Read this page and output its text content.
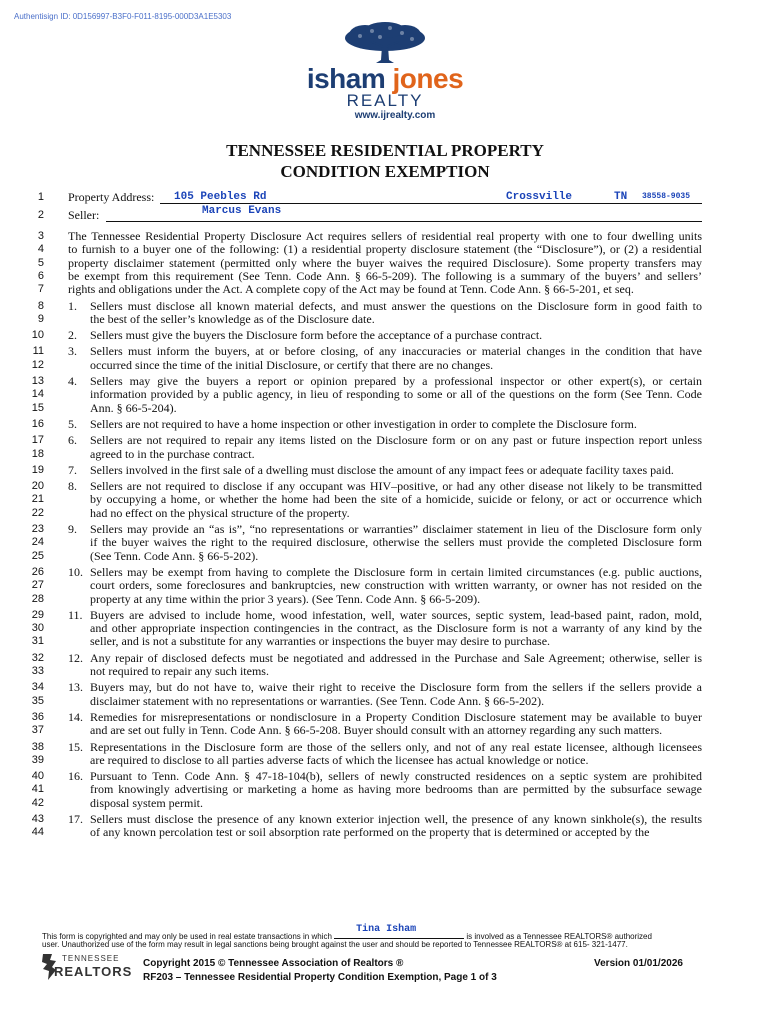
Authentisign ID: 0D156997-B3F0-F011-8195-000D3A1E5303
isham jones
REALTY
www.ijrealty.com
TENNESSEE RESIDENTIAL PROPERTY
CONDITION EXEMPTION
1 Property Address: 105 Peebles Rd	Crossville	TN 38558-9035
2 Seller:	Marcus Evans
3 The Tennessee Residential Property Disclosure Act requires sellers of residential real property with one to four dwelling units
4 to furnish to a buyer one of the following: (1) a residential property disclosure statement (the “Disclosure”), or (2) a residential
5 property disclaimer statement (permitted only where the buyer waives the required Disclosure). Some property transfers may
6 be exempt from this requirement (See Tenn. Code Ann. § 66-5-209). The following is a summary of the buyers’ and sellers’
7 rights and obligations under the Act. A complete copy of the Act may be found at Tenn. Code Ann. § 66-5-201, et seq.
8 1. Sellers must disclose all known material defects, and must answer the questions on the Disclosure form in good faith to
9	the best of the seller’s knowledge as of the Disclosure date.
10 2. Sellers must give the buyers the Disclosure form before the acceptance of a purchase contract.
11 3. Sellers must inform the buyers, at or before closing, of any inaccuracies or material changes in the condition that have
12	occurred since the time of the initial Disclosure, or certify that there are no changes.
13 4. Sellers may give the buyers a report or opinion prepared by a professional inspector or other expert(s), or certain
14	information provided by a public agency, in lieu of responding to some or all of the questions on the form (See Tenn. Code
15	Ann. § 66-5-204).
16 5. Sellers are not required to have a home inspection or other investigation in order to complete the Disclosure form.
17 6. Sellers are not required to repair any items listed on the Disclosure form or on any past or future inspection report unless
18	agreed to in the purchase contract.
19 7. Sellers involved in the first sale of a dwelling must disclose the amount of any impact fees or adequate facility taxes paid.
20 8. Sellers are not required to disclose if any occupant was HIV–positive, or had any other disease not likely to be transmitted
21	by occupying a home, or whether the home had been the site of a homicide, suicide or felony, or act or occurrence which
22	had no effect on the physical structure of the property.
23 9. Sellers may provide an “as is”, “no representations or warranties” disclaimer statement in lieu of the Disclosure form only
24	if the buyer waives the right to the required disclosure, otherwise the sellers must provide the completed Disclosure form
25	(See Tenn. Code Ann. § 66-5-202).
26 10. Sellers may be exempt from having to complete the Disclosure form in certain limited circumstances (e.g. public auctions,
27	court orders, some foreclosures and bankruptcies, new construction with written warranty, or owner has not resided on the
28	property at any time within the prior 3 years). (See Tenn. Code Ann. § 66-5-209).
29 11. Buyers are advised to include home, wood infestation, well, water sources, septic system, lead-based paint, radon, mold,
30	and other appropriate inspection contingencies in the contract, as the Disclosure form is not a warranty of any kind by the
31	seller, and is not a substitute for any warranties or inspections the buyer may desire to purchase.
32 12. Any repair of disclosed defects must be negotiated and addressed in the Purchase and Sale Agreement; otherwise, seller is
33	not required to repair any such items.
34 13. Buyers may, but do not have to, waive their right to receive the Disclosure form from the sellers if the sellers provide a
35	disclaimer statement with no representations or warranties. (See Tenn. Code Ann. § 66-5-202).
36 14. Remedies for misrepresentations or nondisclosure in a Property Condition Disclosure statement may be available to buyer
37	and are set out fully in Tenn. Code Ann. § 66-5-208. Buyer should consult with an attorney regarding any such matters.
38 15. Representations in the Disclosure form are those of the sellers only, and not of any real estate licensee, although licensees
39	are required to disclose to all parties adverse facts of which the licensee has actual knowledge or notice.
40 16. Pursuant to Tenn. Code Ann. § 47-18-104(b), sellers of newly constructed residences on a septic system are prohibited
41	from knowingly advertising or marketing a home as having more bedrooms than are permitted by the subsurface sewage
42	disposal system permit.
43 17. Sellers must disclose the presence of any known exterior injection well, the presence of any known sinkhole(s), the results
44	of any known percolation test or soil absorption rate performed on the property that is determined or accepted by the
This form is copyrighted and may only be used in real estate transactions in which
Tina Isham
is involved as a Tennessee REALTORS® authorized
user. Unauthorized use of the form may result in legal sanctions being brought against the user and should be reported to Tennessee REALTORS® at 615- 321-1477.
TENNESSEE
REALTORS
Copyright 2015 © Tennessee Association of Realtors ®
RF203 – Tennessee Residential Property Condition Exemption, Page 1 of 3
Version 01/01/2026
